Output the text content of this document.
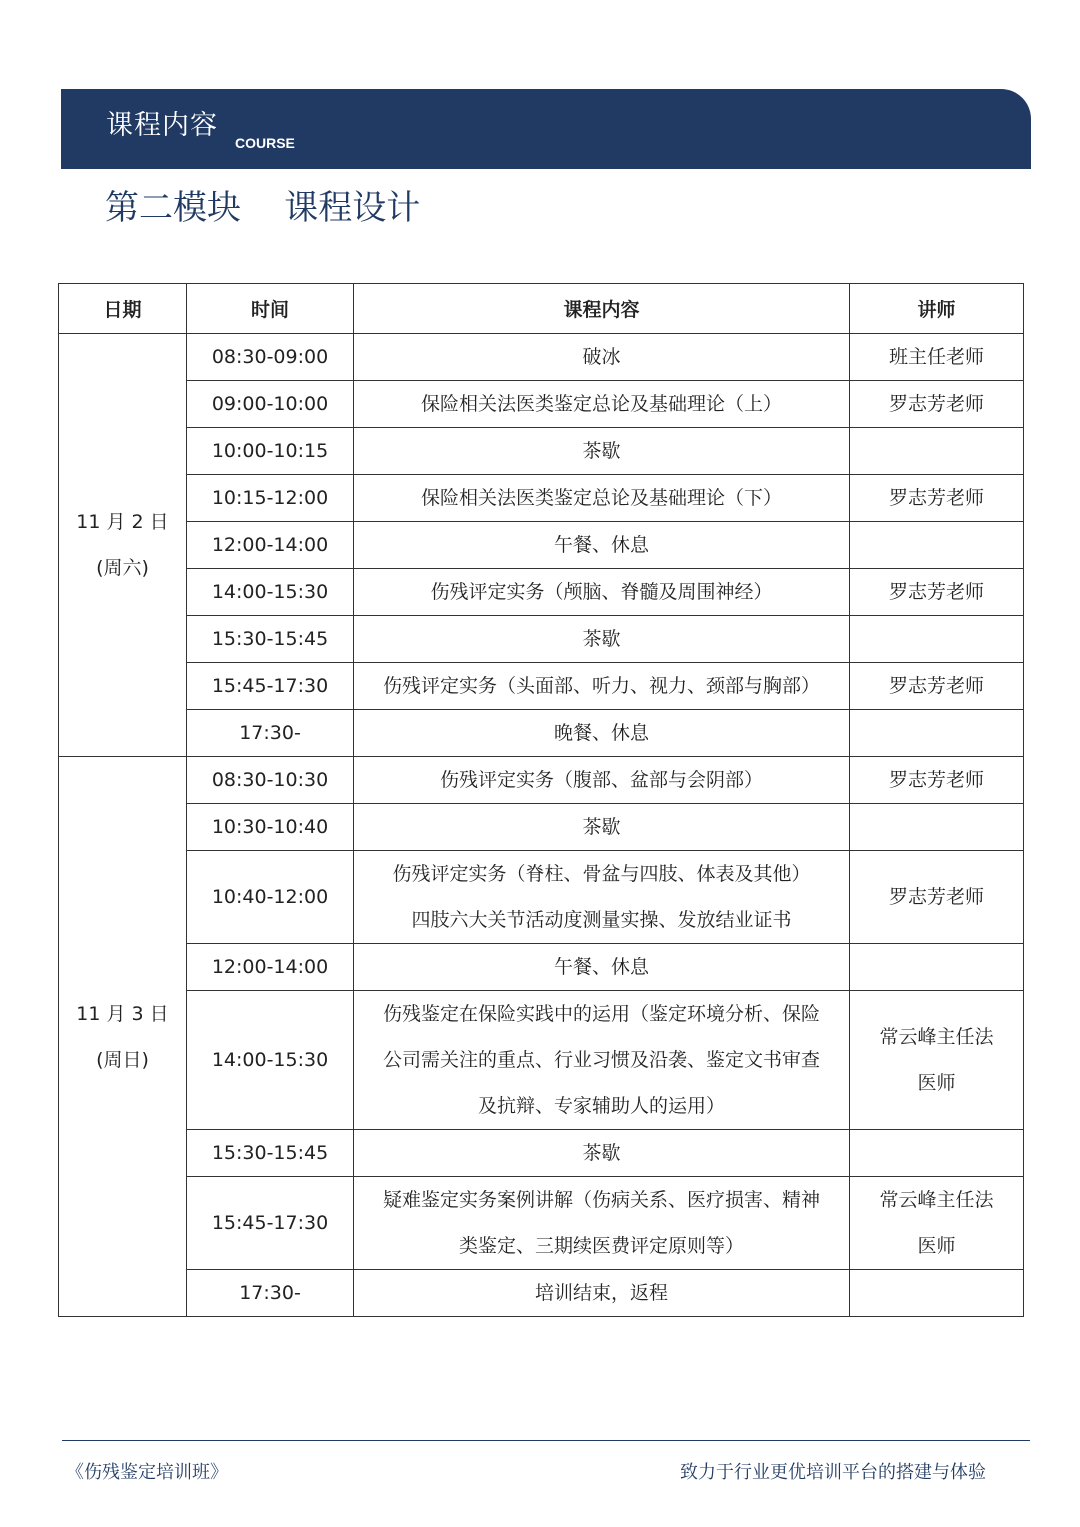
课程内容
COURSE
第二模块    课程设计
日期	时间	课程内容	讲师

11 月 2 日
(周六)	08:30-09:00	破冰	班主任老师

	09:00-10:00	保险相关法医类鉴定总论及基础理论（上）	罗志芳老师

	10:00-10:15	茶歇	

	10:15-12:00	保险相关法医类鉴定总论及基础理论（下）	罗志芳老师

	12:00-14:00	午餐、休息	

	14:00-15:30	伤残评定实务（颅脑、脊髓及周围神经）	罗志芳老师

	15:30-15:45	茶歇	

	15:45-17:30	伤残评定实务（头面部、听力、视力、颈部与胸部）	罗志芳老师

	17:30-	晚餐、休息	

11 月 3 日
(周日)	08:30-10:30	伤残评定实务（腹部、盆部与会阴部）	罗志芳老师

	10:30-10:40	茶歇	

	10:40-12:00	伤残评定实务（脊柱、骨盆与四肢、体表及其他）
四肢六大关节活动度测量实操、发放结业证书	罗志芳老师

	12:00-14:00	午餐、休息	

	14:00-15:30	伤残鉴定在保险实践中的运用（鉴定环境分析、保险
公司需关注的重点、行业习惯及沿袭、鉴定文书审查
及抗辩、专家辅助人的运用）	常云峰主任法
医师

	15:30-15:45	茶歇	

	15:45-17:30	疑难鉴定实务案例讲解（伤病关系、医疗损害、精神
类鉴定、三期续医费评定原则等）	常云峰主任法
医师

	17:30-	培训结束，返程	

《伤残鉴定培训班》	致力于行业更优培训平台的搭建与体验
